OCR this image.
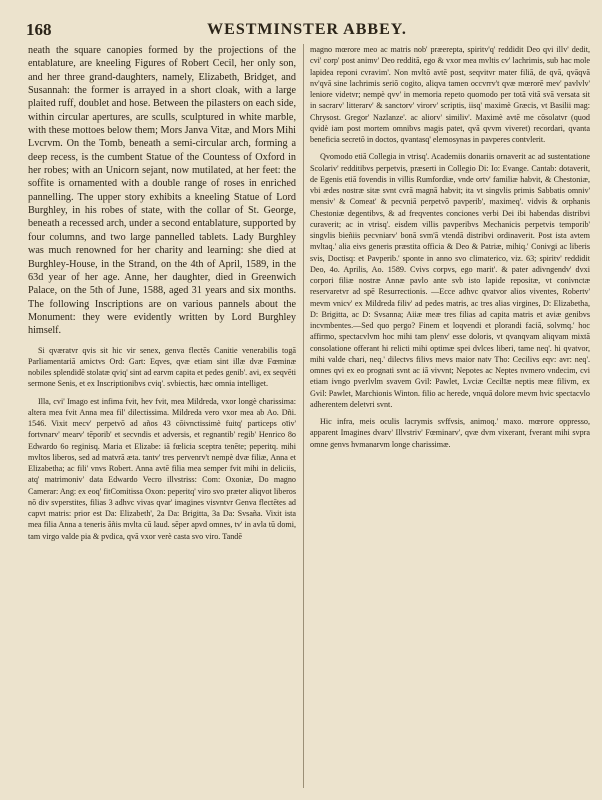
168	WESTMINSTER ABBEY.

neath the square canopies formed by the projections of the entablature, are kneeling Figures of Robert Cecil, her only son, and her three grand-daughters, namely, Elizabeth, Bridget, and Susannah: the former is arrayed in a short cloak, with a large plaited ruff, doublet and hose. Between the pilasters on each side, within circular apertures, are sculls, sculptured in white marble, with these mottoes below them; Mors Janva Vitæ, and Mors Mihi Lvcrvm. On the Tomb, beneath a semi-circular arch, forming a deep recess, is the cumbent Statue of the Countess of Oxford in her robes; with an Unicorn sejant, now mutilated, at her feet: the soffite is ornamented with a double range of roses in enriched pannelling. The upper story exhibits a kneeling Statue of Lord Burghley, in his robes of state, with the collar of St. George, beneath a recessed arch, under a second entablature, supported by four columns, and two large pannelled tablets. Lady Burghley was much renowned for her charity and learning: she died at Burghley-House, in the Strand, on the 4th of April, 1589, in the 63d year of her age. Anne, her daughter, died in Greenwich Palace, on the 5th of June, 1588, aged 31 years and six months. The following Inscriptions are on various pannels about the Monument: they were evidently written by Lord Burghley himself.

Si qværatvr qvis sit hic vir senex, genva flectēs Canitie venerabilis togā Parliamentariā amictvs Ord: Gart: Eqves, qvæ etiam sint illæ dvæ Fœminæ nobiles splendidē stolatæ qviq' sint ad earvm capita et pedes genib'. avi, ex seqvēti sermone Senis, et ex Inscriptionibvs cviq'. svbiectis, hæc omnia intelliget.

Illa, cvi' Imago est infima fvit, hev fvit, mea Mildreda, vxor longè charissima: altera mea fvit Anna mea fil' dilectissima. Mildreda vero vxor mea ab Ao. Dñi. 1546. Vixit mecv' perpetvō ad años 43 cōivnctissimè fuitq' particeps oīiv' fortvnarv' mearv' tēporib' et secvndis et adversis, et regnantib' regib' Henrico 8o Edwardo 6o reginisq. Maria et Elizabe: iā fœlicia sceptra tenēte; peperitq. mihi mvltos liberos, sed ad matvrā æta. tantv' tres pervenrv't nempè dvæ filiæ, Anna et Elizabetha; ac fili' vnvs Robert. Anna avtē filia mea semper fvit mihi in deliciis, atq' matrimoniv' data Edwardo Vecro illvstriss: Com: Oxoniæ, Do magno Camerar: Ang: ex eoq' fitComitissa Oxon: peperitq' viro svo præter aliqvot liberos nō div svperstites, filias 3 adhvc vivas qvar' imagines visvntvr Genva flectētes ad capvt matris: prior est Da: Elizabeth', 2a Da: Brigitta, 3a Da: Svsaña. Vixit ista mea filia Anna a teneris āñis mvlta cū laud. sēper apvd omnes, tv' in avla tū domi, tam virgo valde pia & pvdica, qvā vxor verè casta svo viro. Tandē

magno mœrore meo ac matris nob' præerepta, spiritv'q' reddidit Deo qvi illv' dedit, cvi' corp' post animv' Deo redditā, ego & vxor mea mvltis cv' lachrimis, sub hac mole lapidea reponi cvravim'. Non mvltō avtē post, seqvitvr mater filiā, de qvā, qvāqvā nv'qvā sine lachrimis seriō cogito, aliqva tamen occvrrv't qvæ mœrorē mev' pavlvlv' leniore videtvr; nempè qvv' in memoria repeto quomodo per totā vitā svā versata sit in sacrarv' litterarv' & sanctorv' virorv' scriptis, iisq' maximè Græcis, vt Basilii mag: Chrysost. Gregor' Nazlanze'. ac aliorv' similiv'. Maximè avtē me cōsolatvr (quod qvidè iam post mortem omnibvs magis patet, qvā qvvm viveret) recordari, qvanta beneficia secretō in doctos, qvantasq' elemosynas in pavperes contvlerit.

Qvomodo etiā Collegia in vtrisq'. Academiis donariis ornaverit ac ad sustentatione Scolariv' redditibvs perpetvis, præserti in Collegio Di: Io: Evange. Cantab: dotaverit, de Egenis etiā fovendis in villis Rumfordiæ, vnde ortv' familiæ habvit, & Chestoniæ, vbi ædes nostræ sitæ svnt cvrā magnā habvit; ita vt singvlis primis Sabbatis omniv' mensiv' & Comeat' & pecvniā perpetvō pavperib', maximeq'. vidvis & orphanis Chestoniæ degentibvs, & ad freqventes conciones verbi Dei ibi habendas distribvi curaverit; ac in vtrisq'. eisdem villis pavperibvs Mechanicis perpetvis temporib' singvlis bieñiis pecvniarv' bonā svm'ā vtendā distribvi ordinaverit. Post ista avtem mvltaq.' alia eivs generis præstita officia & Deo & Patriæ, mihiq.' Conivgi ac liberis svis, Doctisq: et Pavperib.' sponte in anno svo climaterico, viz. 63; spiritv' reddidit Deo, 4o. Aprilis, Ao. 1589. Cvivs corpvs, ego marit'. & pater adivngendv' dvxi corpori filiæ nostræ Annæ pavlo ante svb isto lapide repositæ, vt coniνnctæ reservaretvr ad spē Resurrectionis. —Ecce adhvc qvatvor alios viventes, Robertv' mevm vnicv' ex Mildreda filiv' ad pedes matris, ac tres alias virgines, D: Elizabetha, D: Brigitta, ac D: Svsanna; Aiiæ meæ tres filias ad capita matris et aviæ genibvs incvmbentes.—Sed quo pergo? Finem et loqvendi et plorandi faciā, solvmq.' hoc affirmo, spectacvlvm hoc mihi tam plenv' esse doloris, vt qvanqvam aliqvam mixtā consolatione offerant hi relicti mihi optimæ spei dvlces liberi, tame neq'. hi qvatvor, mihi valde chari, neq.' dilectvs filivs mevs maior natv Tho: Cecilivs eqv: avr: neq'. omnes qvi ex eo prognati svnt ac iā vivvnt; Nepotes ac Neptes nvmero vndecim, cvi etiam ivngo pverlvlm svavem Gvil: Pawlet, Lvciæ Cecilīæ neptis meæ filivm, ex Gvil: Pawlet, Marchionis Winton. filio ac herede, vnquā dolore mevm hvic spectacvlo adherentem deletvri svnt.

Hic infra, meis oculis lacrymis svffvsis, animoq.' maxo. mœrore oppresso, apparent Imagines dvarv' Illvstriv' Fœminarv', qvæ dvm vixerant, fverant mihi svpra omne genvs hvmanarvm longe charissimæ.
